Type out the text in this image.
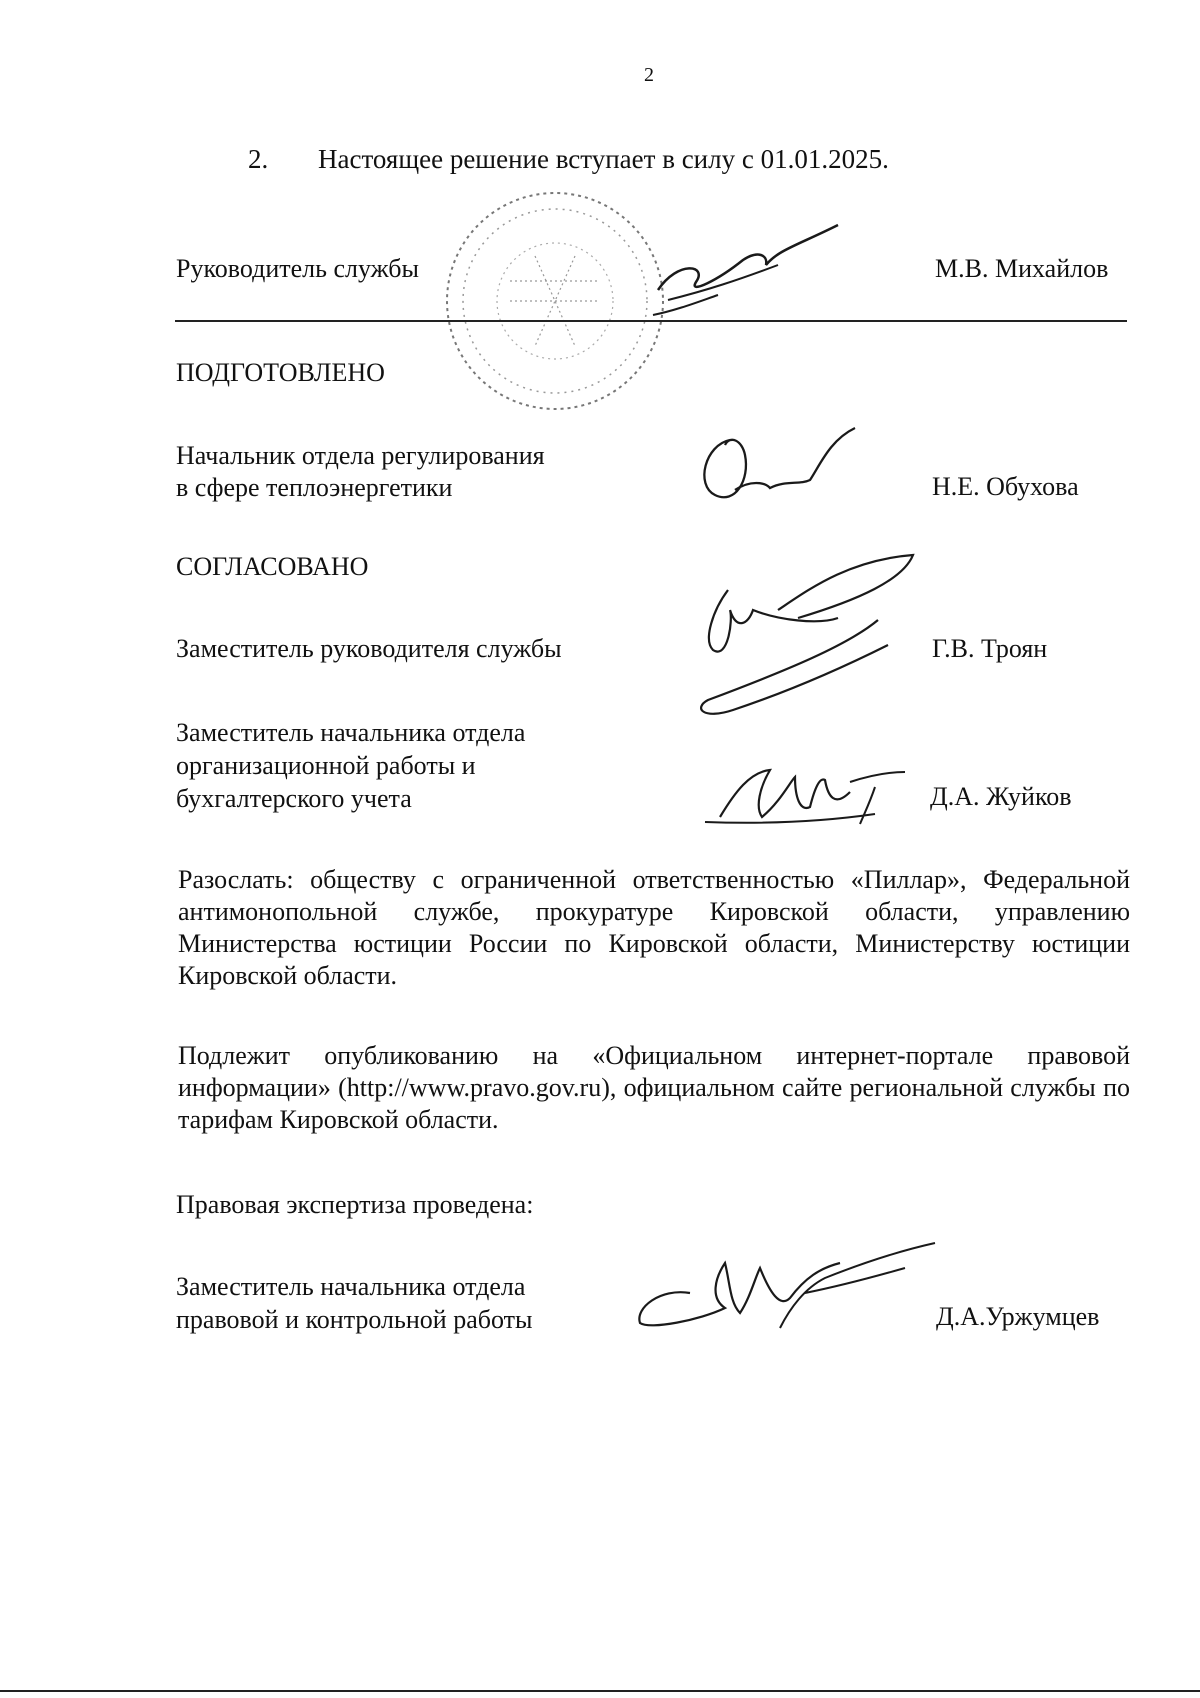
2
2. Настоящее решение вступает в силу с 01.01.2025.
Руководитель службы	М.В. Михайлов
ПОДГОТОВЛЕНО
Начальник отдела регулирования
в сфере теплоэнергетики	Н.Е. Обухова
СОГЛАСОВАНО
Заместитель руководителя службы	Г.В. Троян
Заместитель начальника отдела
организационной работы и
бухгалтерского учета	Д.А. Жуйков
Разослать: обществу с ограниченной ответственностью «Пиллар», Федеральной антимонопольной службе, прокуратуре Кировской области, управлению Министерства юстиции России по Кировской области, Министерству юстиции Кировской области.
Подлежит опубликованию на «Официальном интернет-портале правовой информации» (http://www.pravo.gov.ru), официальном сайте региональной службы по тарифам Кировской области.
Правовая экспертиза проведена:
Заместитель начальника отдела
правовой и контрольной работы	Д.А.Уржумцев
